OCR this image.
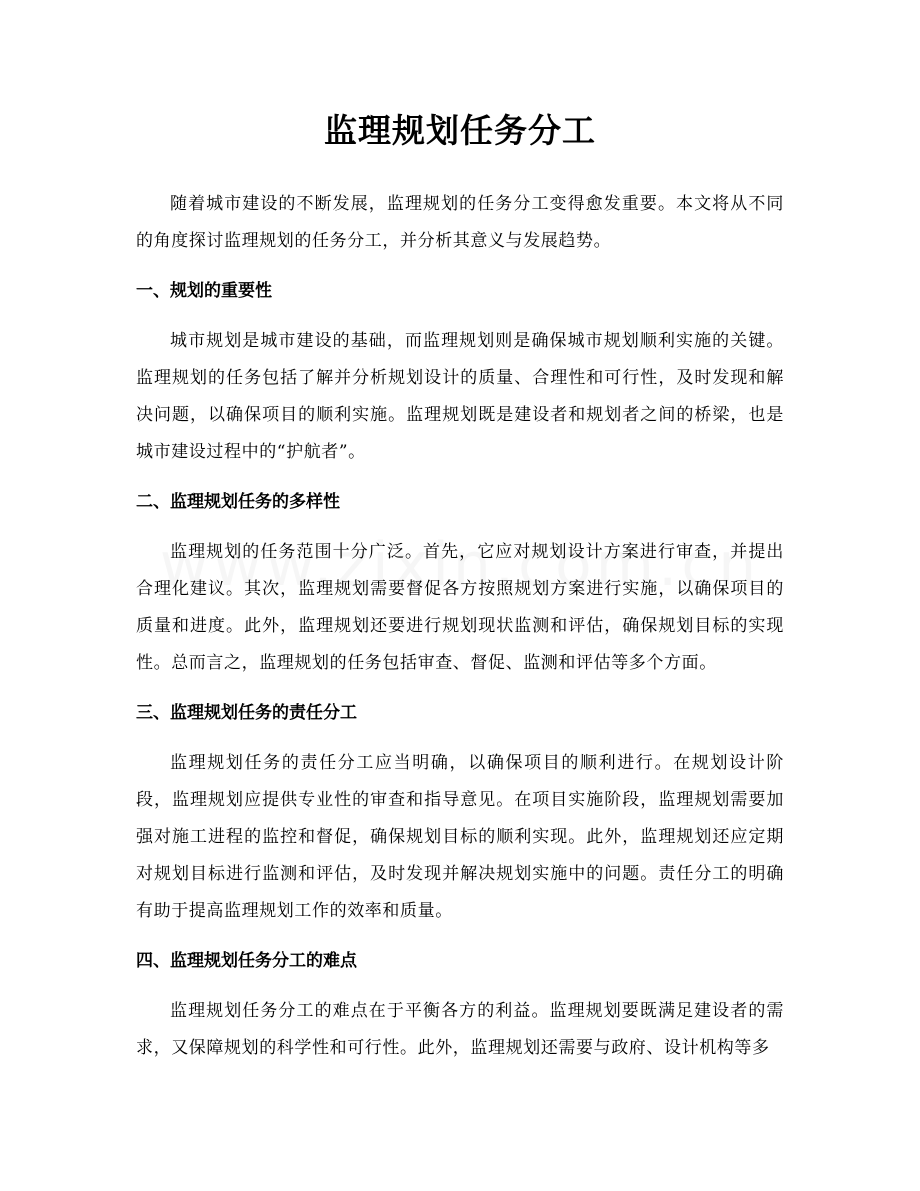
监理规划任务分工

随着城市建设的不断发展，监理规划的任务分工变得愈发重要。本文将从不同的角度探讨监理规划的任务分工，并分析其意义与发展趋势。

一、规划的重要性

城市规划是城市建设的基础，而监理规划则是确保城市规划顺利实施的关键。监理规划的任务包括了解并分析规划设计的质量、合理性和可行性，及时发现和解决问题，以确保项目的顺利实施。监理规划既是建设者和规划者之间的桥梁，也是城市建设过程中的“护航者”。

二、监理规划任务的多样性

监理规划的任务范围十分广泛。首先，它应对规划设计方案进行审查，并提出合理化建议。其次，监理规划需要督促各方按照规划方案进行实施，以确保项目的质量和进度。此外，监理规划还要进行规划现状监测和评估，确保规划目标的实现性。总而言之，监理规划的任务包括审查、督促、监测和评估等多个方面。

三、监理规划任务的责任分工

监理规划任务的责任分工应当明确，以确保项目的顺利进行。在规划设计阶段，监理规划应提供专业性的审查和指导意见。在项目实施阶段，监理规划需要加强对施工进程的监控和督促，确保规划目标的顺利实现。此外，监理规划还应定期对规划目标进行监测和评估，及时发现并解决规划实施中的问题。责任分工的明确有助于提高监理规划工作的效率和质量。

四、监理规划任务分工的难点

监理规划任务分工的难点在于平衡各方的利益。监理规划要既满足建设者的需求，又保障规划的科学性和可行性。此外，监理规划还需要与政府、设计机构等多
